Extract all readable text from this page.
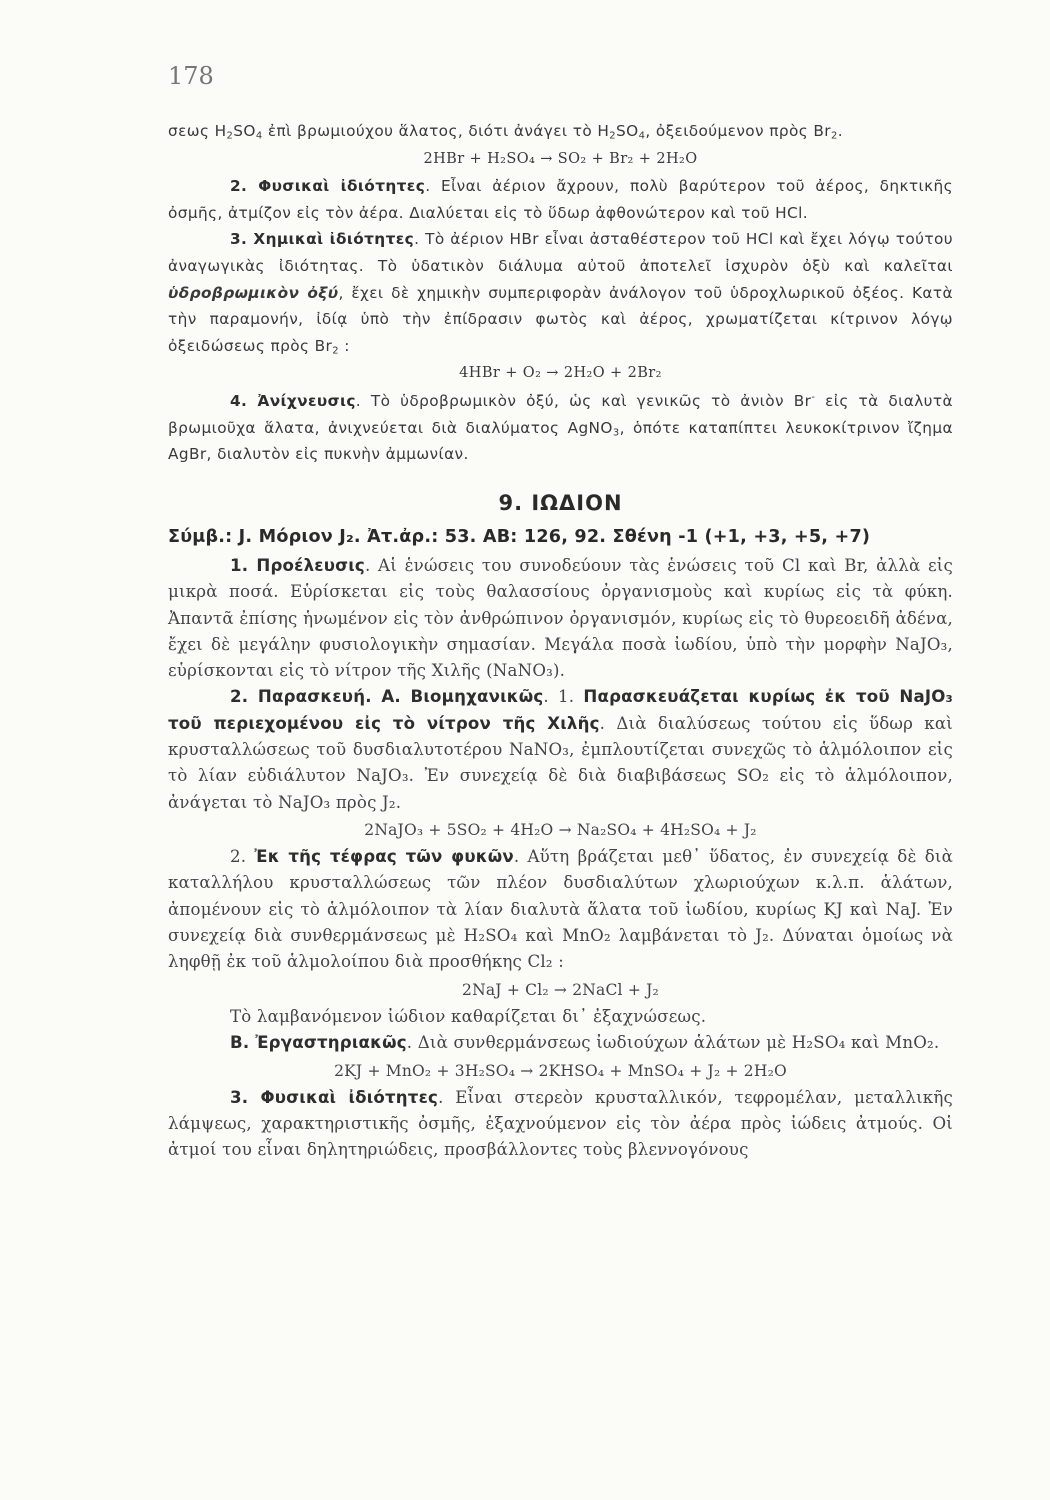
178

σεως $H_2SO_4$ ἐπὶ βρωμιούχου ἅλατος, διότι ἀνάγει τὸ $H_2SO_4$, ὀξειδούμενον πρὸς $Br_2$.

2HBr + H₂SO₄ → SO₂ + Br₂ + 2H₂O

2. Φυσικαὶ ἰδιότητες. Εἶναι ἀέριον ἄχρουν, πολὺ βαρύτερον τοῦ ἀέρος, δηκτικῆς ὀσμῆς, ἀτμίζον εἰς τὸν ἀέρα. Διαλύεται εἰς τὸ ὕδωρ ἀφθονώτερον καὶ τοῦ HCl.

3. Χημικαὶ ἰδιότητες. Τὸ ἀέριον HBr εἶναι ἀσταθέστερον τοῦ HCl καὶ ἔχει λόγῳ τούτου ἀναγωγικὰς ἰδιότητας. Τὸ ὑδατικὸν διάλυμα αὐτοῦ ἀποτελεῖ ἰσχυρὸν ὀξὺ καὶ καλεῖται ὑδροβρωμικὸν ὀξύ, ἔχει δὲ χημικὴν συμπεριφορὰν ἀνάλογον τοῦ ὑδροχλωρικοῦ ὀξέος. Κατὰ τὴν παραμονήν, ἰδίᾳ ὑπὸ τὴν ἐπίδρασιν φωτὸς καὶ ἀέρος, χρωματίζεται κίτρινον λόγῳ ὀξειδώσεως πρὸς $Br_2$ :

4HBr + O₂ → 2H₂O + 2Br₂

4. Ἀνίχνευσις. Τὸ ὑδροβρωμικὸν ὀξύ, ὡς καὶ γενικῶς τὸ ἀνιὸν Br- εἰς τὰ διαλυτὰ βρωμιοῦχα ἅλατα, ἀνιχνεύεται διὰ διαλύματος AgNO$_3$, ὁπότε καταπίπτει λευκοκίτρινον ἴζημα AgBr, διαλυτὸν εἰς πυκνὴν ἀμμωνίαν.

9. ΙΩΔΙΟΝ
Σύμβ.: J. Μόριον J₂. Ἀτ.ἀρ.: 53. ΑΒ: 126, 92. Σθένη -1 (+1, +3, +5, +7)

1. Προέλευσις. Αἱ ἑνώσεις του συνοδεύουν τὰς ἑνώσεις τοῦ Cl καὶ Br, ἀλλὰ εἰς μικρὰ ποσά. Εὑρίσκεται εἰς τοὺς θαλασσίους ὀργανισμοὺς καὶ κυρίως εἰς τὰ φύκη. Ἀπαντᾶ ἐπίσης ἡνωμένον εἰς τὸν ἀνθρώπινον ὀργανισμόν, κυρίως εἰς τὸ θυρεοειδῆ ἀδένα, ἔχει δὲ μεγάλην φυσιολογικὴν σημασίαν. Μεγάλα ποσὰ ἰωδίου, ὑπὸ τὴν μορφὴν NaJO₃, εὑρίσκονται εἰς τὸ νίτρον τῆς Χιλῆς (NaNO₃).

2. Παρασκευή. Α. Βιομηχανικῶς. 1. Παρασκευάζεται κυρίως ἐκ τοῦ NaJO₃ τοῦ περιεχομένου εἰς τὸ νίτρον τῆς Χιλῆς. Διὰ διαλύσεως τούτου εἰς ὕδωρ καὶ κρυσταλλώσεως τοῦ δυσδιαλυτοτέρου NaNO₃, ἐμπλουτίζεται συνεχῶς τὸ ἁλμόλοιπον εἰς τὸ λίαν εὐδιάλυτον NaJO₃. Ἐν συνεχείᾳ δὲ διὰ διαβιβάσεως SO₂ εἰς τὸ ἁλμόλοιπον, ἀνάγεται τὸ NaJO₃ πρὸς J₂.

2NaJO₃ + 5SO₂ + 4H₂O → Na₂SO₄ + 4H₂SO₄ + J₂

2. Ἐκ τῆς τέφρας τῶν φυκῶν. Αὕτη βράζεται μεθ᾽ ὕδατος, ἐν συνεχείᾳ δὲ διὰ καταλλήλου κρυσταλλώσεως τῶν πλέον δυσδιαλύτων χλωριούχων κ.λ.π. ἁλάτων, ἀπομένουν εἰς τὸ ἁλμόλοιπον τὰ λίαν διαλυτὰ ἅλατα τοῦ ἰωδίου, κυρίως KJ καὶ NaJ. Ἐν συνεχείᾳ διὰ συνθερμάνσεως μὲ H₂SO₄ καὶ MnO₂ λαμβάνεται τὸ J₂. Δύναται ὁμοίως νὰ ληφθῇ ἐκ τοῦ ἁλμολοίπου διὰ προσθήκης Cl₂ :

2NaJ + Cl₂ → 2NaCl + J₂

Τὸ λαμβανόμενον ἰώδιον καθαρίζεται δι᾽ ἐξαχνώσεως.

Β. Ἐργαστηριακῶς. Διὰ συνθερμάνσεως ἰωδιούχων ἁλάτων μὲ H₂SO₄ καὶ MnO₂.

2KJ + MnO₂ + 3H₂SO₄ → 2KHSO₄ + MnSO₄ + J₂ + 2H₂O

3. Φυσικαὶ ἰδιότητες. Εἶναι στερεὸν κρυσταλλικόν, τεφρομέλαν, μεταλλικῆς λάμψεως, χαρακτηριστικῆς ὀσμῆς, ἐξαχνούμενον εἰς τὸν ἀέρα πρὸς ἰώδεις ἀτμούς. Οἱ ἀτμοί του εἶναι δηλητηριώδεις, προσβάλλοντες τοὺς βλεννογόνους
